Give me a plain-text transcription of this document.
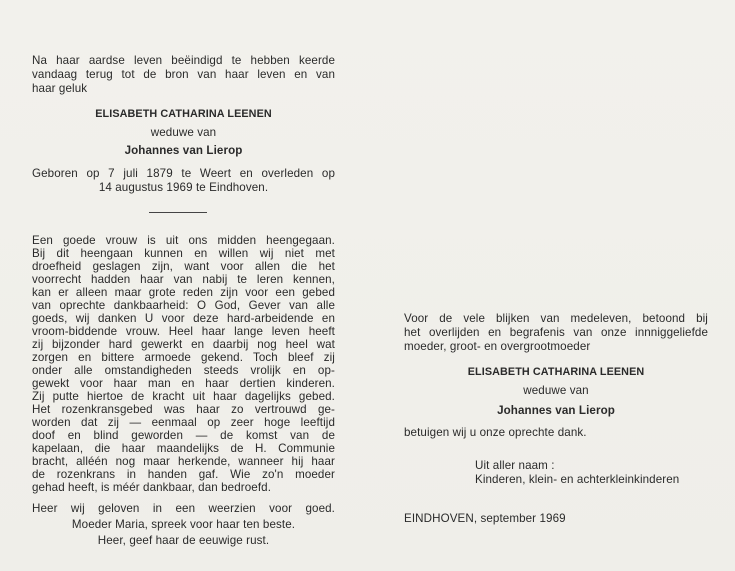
Na haar aardse leven beëindigd te hebben keerde

vandaag terug tot de bron van haar leven en van

haar geluk

ELISABETH CATHARINA LEENEN

weduwe van

Johannes van Lierop

Geboren op 7 juli 1879 te Weert en overleden op

14 augustus 1969 te Eindhoven.

Een goede vrouw is uit ons midden heengegaan.

Bij dit heengaan kunnen en willen wij niet met

droefheid geslagen zijn, want voor allen die het

voorrecht hadden haar van nabij te leren kennen,

kan er alleen maar grote reden zijn voor een gebed

van oprechte dankbaarheid: O God, Gever van alle

goeds, wij danken U voor deze hard-arbeidende en

vroom-biddende vrouw. Heel haar lange leven heeft

zij bijzonder hard gewerkt en daarbij nog heel wat

zorgen en bittere armoede gekend. Toch bleef zij

onder alle omstandigheden steeds vrolijk en op-

gewekt voor haar man en haar dertien kinderen.

Zij putte hiertoe de kracht uit haar dagelijks gebed.

Het rozenkransgebed was haar zo vertrouwd ge-

worden dat zij — eenmaal op zeer hoge leeftijd

doof en blind geworden — de komst van de

kapelaan, die haar maandelijks de H. Communie

bracht, alléén nog maar herkende, wanneer hij haar

de rozenkrans in handen gaf. Wie zo'n moeder

gehad heeft, is méér dankbaar, dan bedroefd.

Heer wij geloven in een weerzien voor goed.

Moeder Maria, spreek voor haar ten beste.

Heer, geef haar de eeuwige rust.

Voor de vele blijken van medeleven, betoond bij

het overlijden en begrafenis van onze innniggeliefde

moeder, groot- en overgrootmoeder

ELISABETH CATHARINA LEENEN

weduwe van

Johannes van Lierop

betuigen wij u onze oprechte dank.

Uit aller naam :

Kinderen, klein- en achterkleinkinderen

EINDHOVEN, september 1969
